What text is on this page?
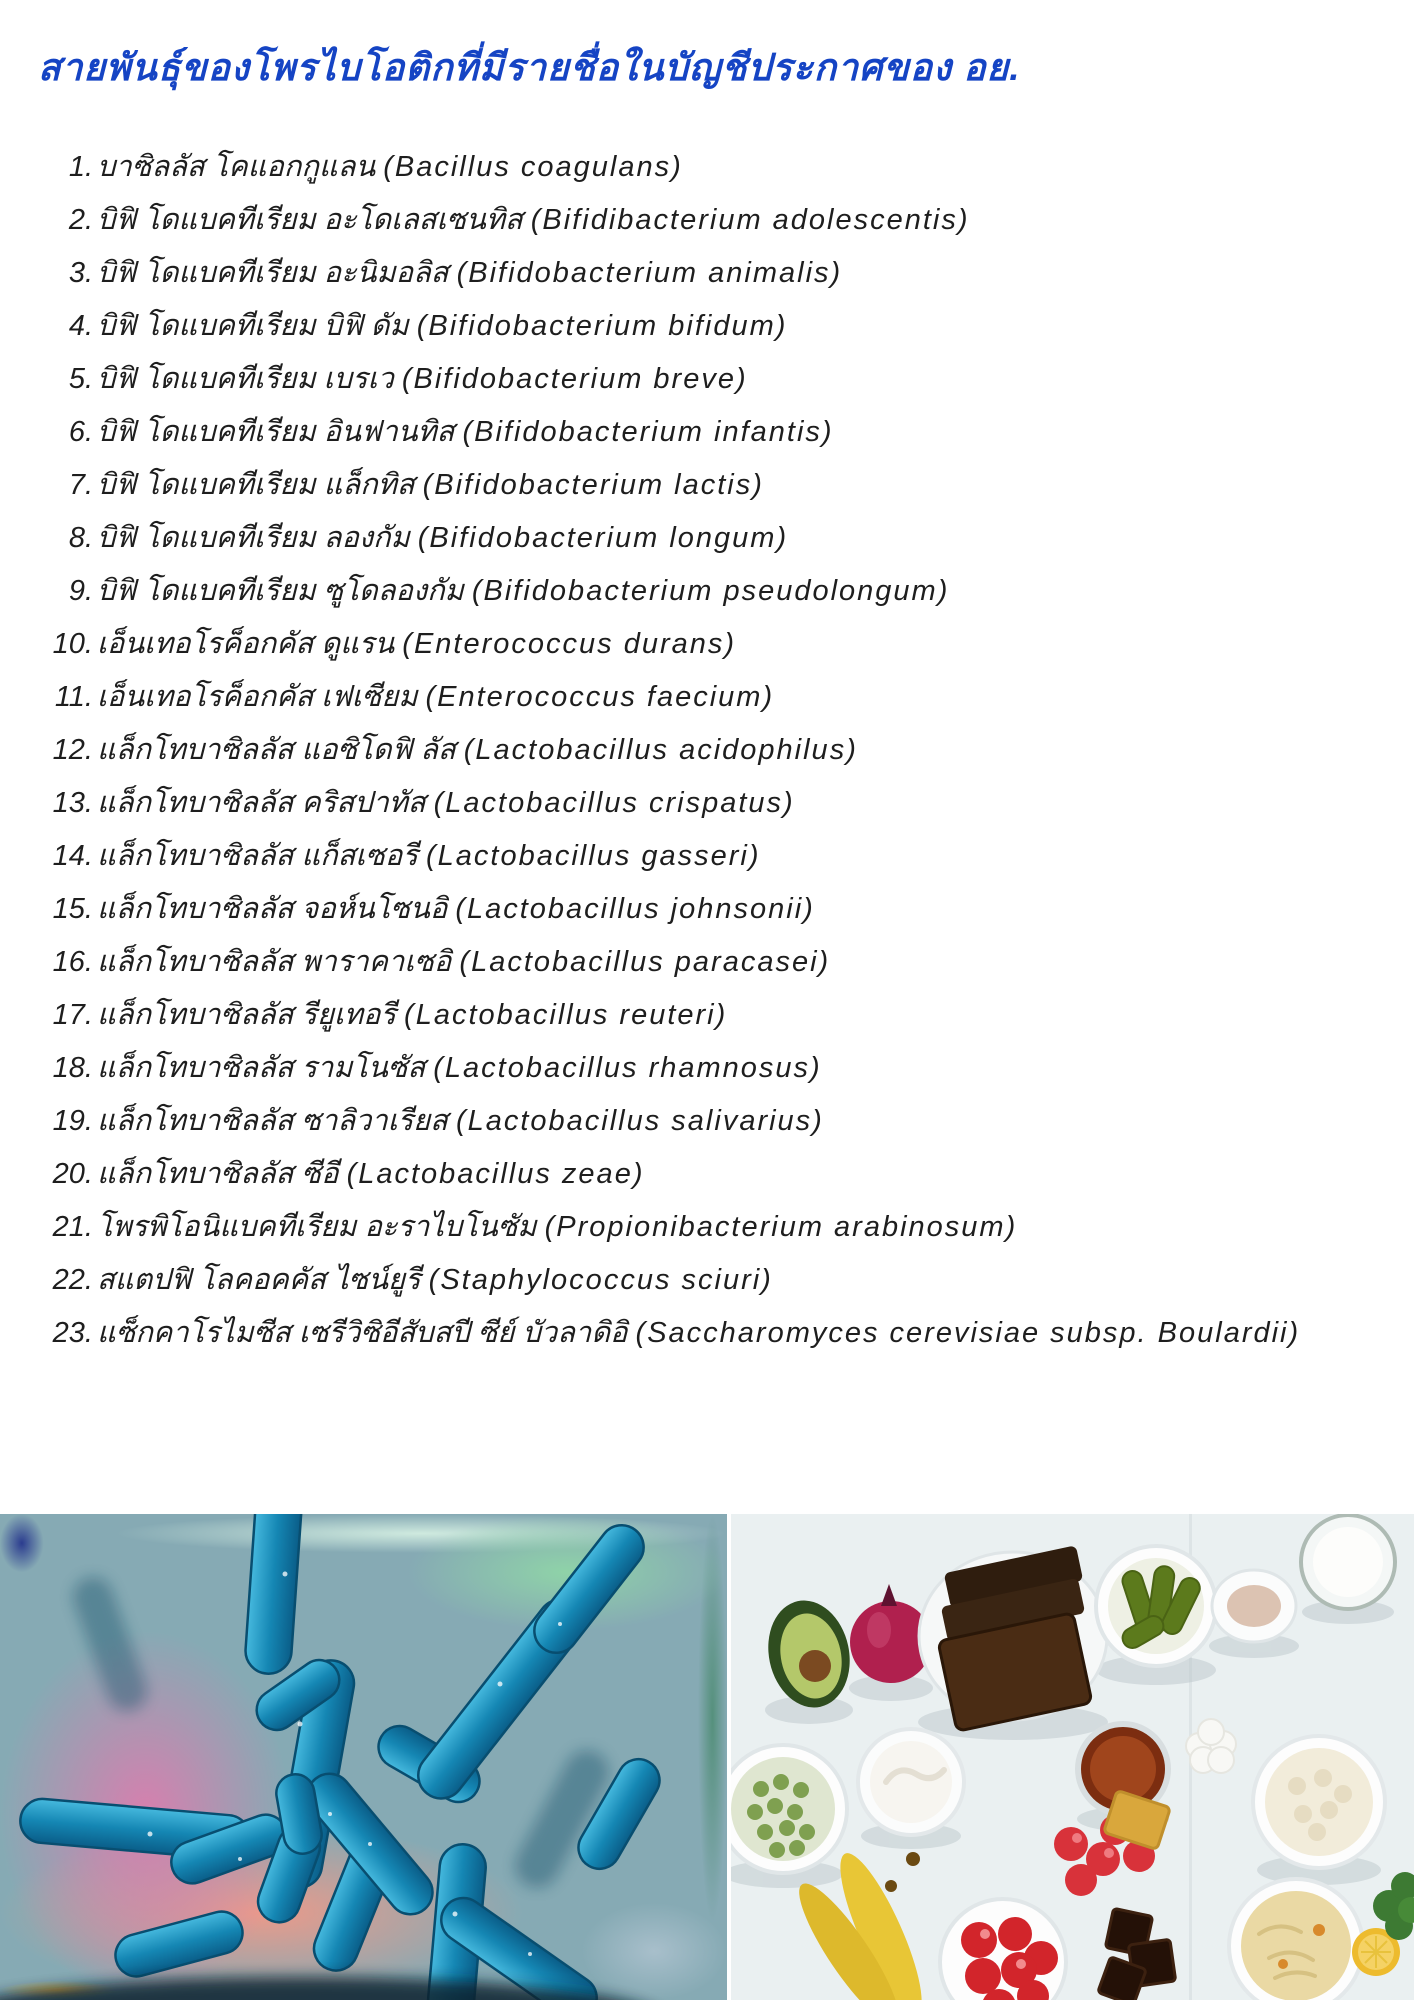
สายพันธุ์ของโพรไบโอติกที่มีรายชื่อในบัญชีประกาศของ อย.
1. บาซิลลัส โคแอกกูแลน (Bacillus coagulans)
2. บิฟิ โดแบคทีเรียม อะโดเลสเซนทิส (Bifidibacterium adolescentis)
3. บิฟิ โดแบคทีเรียม อะนิมอลิส (Bifidobacterium animalis)
4. บิฟิ โดแบคทีเรียม บิฟิ ดัม (Bifidobacterium bifidum)
5. บิฟิ โดแบคทีเรียม เบรเว (Bifidobacterium breve)
6. บิฟิ โดแบคทีเรียม อินฟานทิส (Bifidobacterium infantis)
7. บิฟิ โดแบคทีเรียม แล็กทิส (Bifidobacterium lactis)
8. บิฟิ โดแบคทีเรียม ลองกัม (Bifidobacterium longum)
9. บิฟิ โดแบคทีเรียม ซูโดลองกัม (Bifidobacterium pseudolongum)
10. เอ็นเทอโรค็อกคัส ดูแรน (Enterococcus durans)
11. เอ็นเทอโรค็อกคัส เฟเซียม (Enterococcus faecium)
12. แล็กโทบาซิลลัส แอซิโดฟิ ลัส (Lactobacillus acidophilus)
13. แล็กโทบาซิลลัส คริสปาทัส (Lactobacillus crispatus)
14. แล็กโทบาซิลลัส แก็สเซอรี (Lactobacillus gasseri)
15. แล็กโทบาซิลลัส จอห์นโซนอิ (Lactobacillus johnsonii)
16. แล็กโทบาซิลลัส พาราคาเซอิ (Lactobacillus paracasei)
17. แล็กโทบาซิลลัส รียูเทอรี (Lactobacillus reuteri)
18. แล็กโทบาซิลลัส รามโนซัส (Lactobacillus rhamnosus)
19. แล็กโทบาซิลลัส ซาลิวาเรียส (Lactobacillus salivarius)
20. แล็กโทบาซิลลัส ซีอี (Lactobacillus zeae)
21. โพรพิโอนิแบคทีเรียม อะราไบโนซัม (Propionibacterium arabinosum)
22. สแตปฟิ โลคอคคัส ไซน์ยูรี (Staphylococcus sciuri)
23. แซ็กคาโรไมซีส เซรีวิซิอีสับสปี ซีย์ บัวลาดิอิ (Saccharomyces cerevisiae subsp. Boulardii)
